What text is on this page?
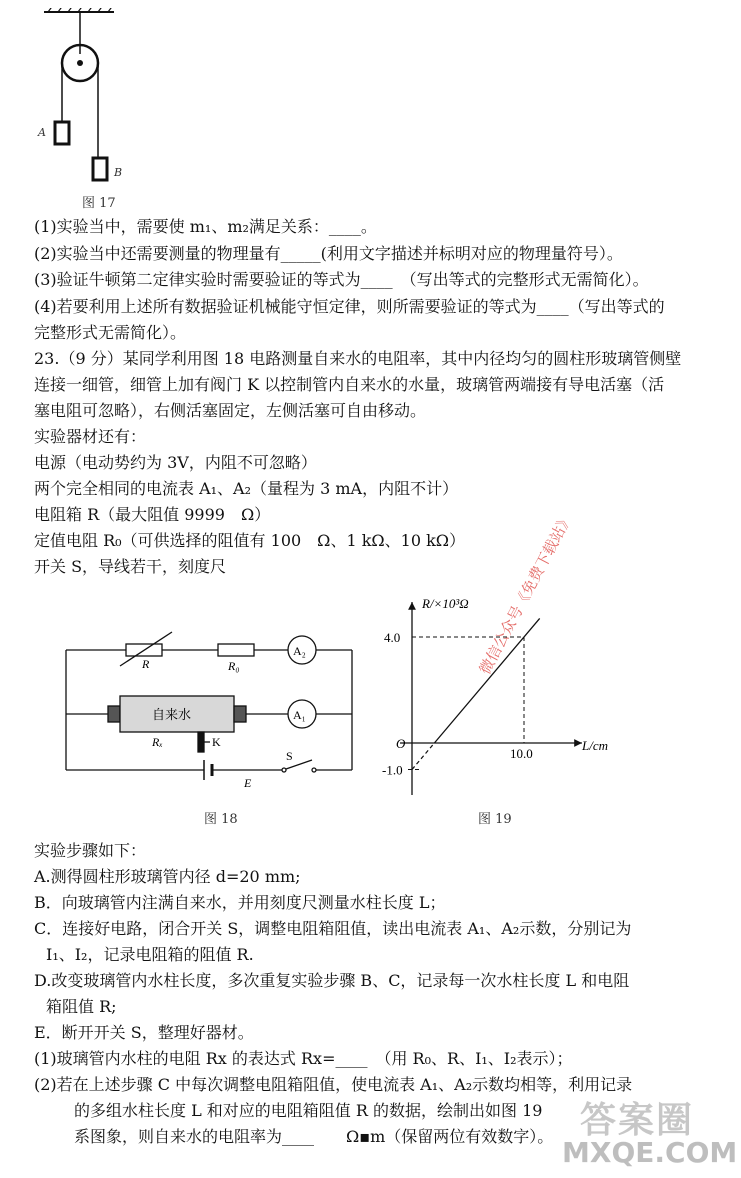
A
B
图 17
(1)实验当中，需要使 m₁、m₂满足关系：____。
(2)实验当中还需要测量的物理量有_____(利用文字描述并标明对应的物理量符号）。
(3)验证牛顿第二定律实验时需要验证的等式为____　（写出等式的完整形式无需简化）。
(4)若要利用上述所有数据验证机械能守恒定律，则所需要验证的等式为____（写出等式的
完整形式无需简化）。
23.（9 分）某同学利用图 18 电路测量自来水的电阻率，其中内径均匀的圆柱形玻璃管侧壁
连接一细管，细管上加有阀门 K 以控制管内自来水的水量，玻璃管两端接有导电活塞（活
塞电阻可忽略），右侧活塞固定，左侧活塞可自由移动。
实验器材还有：
电源（电动势约为 3V，内阻不可忽略）
两个完全相同的电流表 A₁、A₂（量程为 3 mA，内阻不计）
电阻箱 R（最大阻值 9999　Ω）
定值电阻 R₀（可供选择的阻值有 100　Ω、1 kΩ、10 kΩ）
开关 S，导线若干，刻度尺
R	R₀
A₂
A₁
自来水
Rₓ	K
S
E
图 18
R/×10³Ω
L/cm
O
4.0
-1.0
10.0
图 19
微信公众号《免费下载站》
实验步骤如下：
A.测得圆柱形玻璃管内径 d=20 mm;
B．向玻璃管内注满自来水，并用刻度尺测量水柱长度 L；
C．连接好电路，闭合开关 S，调整电阻箱阻值，读出电流表 A₁、A₂示数，分别记为
I₁、I₂，记录电阻箱的阻值 R.
D.改变玻璃管内水柱长度，多次重复实验步骤 B、C，记录每一次水柱长度 L 和电阻
箱阻值 R;
E．断开开关 S，整理好器材。
(1)玻璃管内水柱的电阻 Rx 的表达式 Rx=____　（用 R₀、R、I₁、I₂表示）；
(2)若在上述步骤 C 中每次调整电阻箱阻值，使电流表 A₁、A₂示数均相等，利用记录
的多组水柱长度 L 和对应的电阻箱阻值 R 的数据，绘制出如图 19
系图象，则自来水的电阻率为____　　Ω▪m（保留两位有效数字）。 答案圈
MXQE.COM
